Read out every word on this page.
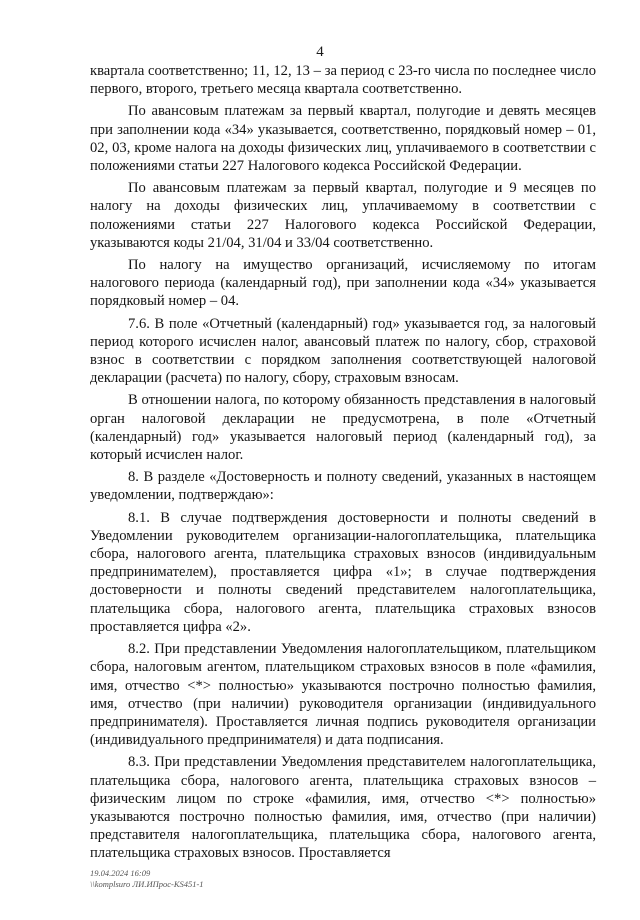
4

кварталa соответственно; 11, 12, 13 – за период с 23-го числа по последнее число первого, второго, третьего месяца квартала соответственно.

По авансовым платежам за первый квартал, полугодие и девять месяцев при заполнении кода «34» указывается, соответственно, порядковый номер – 01, 02, 03, кроме налога на доходы физических лиц, уплачиваемого в соответствии с положениями статьи 227 Налогового кодекса Российской Федерации.

По авансовым платежам за первый квартал, полугодие и 9 месяцев по налогу на доходы физических лиц, уплачиваемому в соответствии с положениями статьи 227 Налогового кодекса Российской Федерации, указываются коды 21/04, 31/04 и 33/04 соответственно.

По налогу на имущество организаций, исчисляемому по итогам налогового периода (календарный год), при заполнении кода «34» указывается порядковый номер – 04.

7.6. В поле «Отчетный (календарный) год» указывается год, за налоговый период которого исчислен налог, авансовый платеж по налогу, сбор, страховой взнос в соответствии с порядком заполнения соответствующей налоговой декларации (расчета) по налогу, сбору, страховым взносам.

В отношении налога, по которому обязанность представления в налоговый орган налоговой декларации не предусмотрена, в поле «Отчетный (календарный) год» указывается налоговый период (календарный год), за который исчислен налог.

8. В разделе «Достоверность и полноту сведений, указанных в настоящем уведомлении, подтверждаю»:

8.1. В случае подтверждения достоверности и полноты сведений в Уведомлении руководителем организации-налогоплательщика, плательщика сбора, налогового агента, плательщика страховых взносов (индивидуальным предпринимателем), проставляется цифра «1»; в случае подтверждения достоверности и полноты сведений представителем налогоплательщика, плательщика сбора, налогового агента, плательщика страховых взносов проставляется цифра «2».

8.2. При представлении Уведомления налогоплательщиком, плательщиком сбора, налоговым агентом, плательщиком страховых взносов в поле «фамилия, имя, отчество <*> полностью» указываются построчно полностью фамилия, имя, отчество (при наличии) руководителя организации (индивидуального предпринимателя). Проставляется личная подпись руководителя организации (индивидуального предпринимателя) и дата подписания.

8.3. При представлении Уведомления представителем налогоплательщика, плательщика сбора, налогового агента, плательщика страховых взносов – физическим лицом по строке «фамилия, имя, отчество <*> полностью» указываются построчно полностью фамилия, имя, отчество (при наличии) представителя налогоплательщика, плательщика сбора, налогового агента, плательщика страховых взносов. Проставляется

19.04.2024 16:09
\\komplsuro ЛИ.ИПрос-КS451-1
